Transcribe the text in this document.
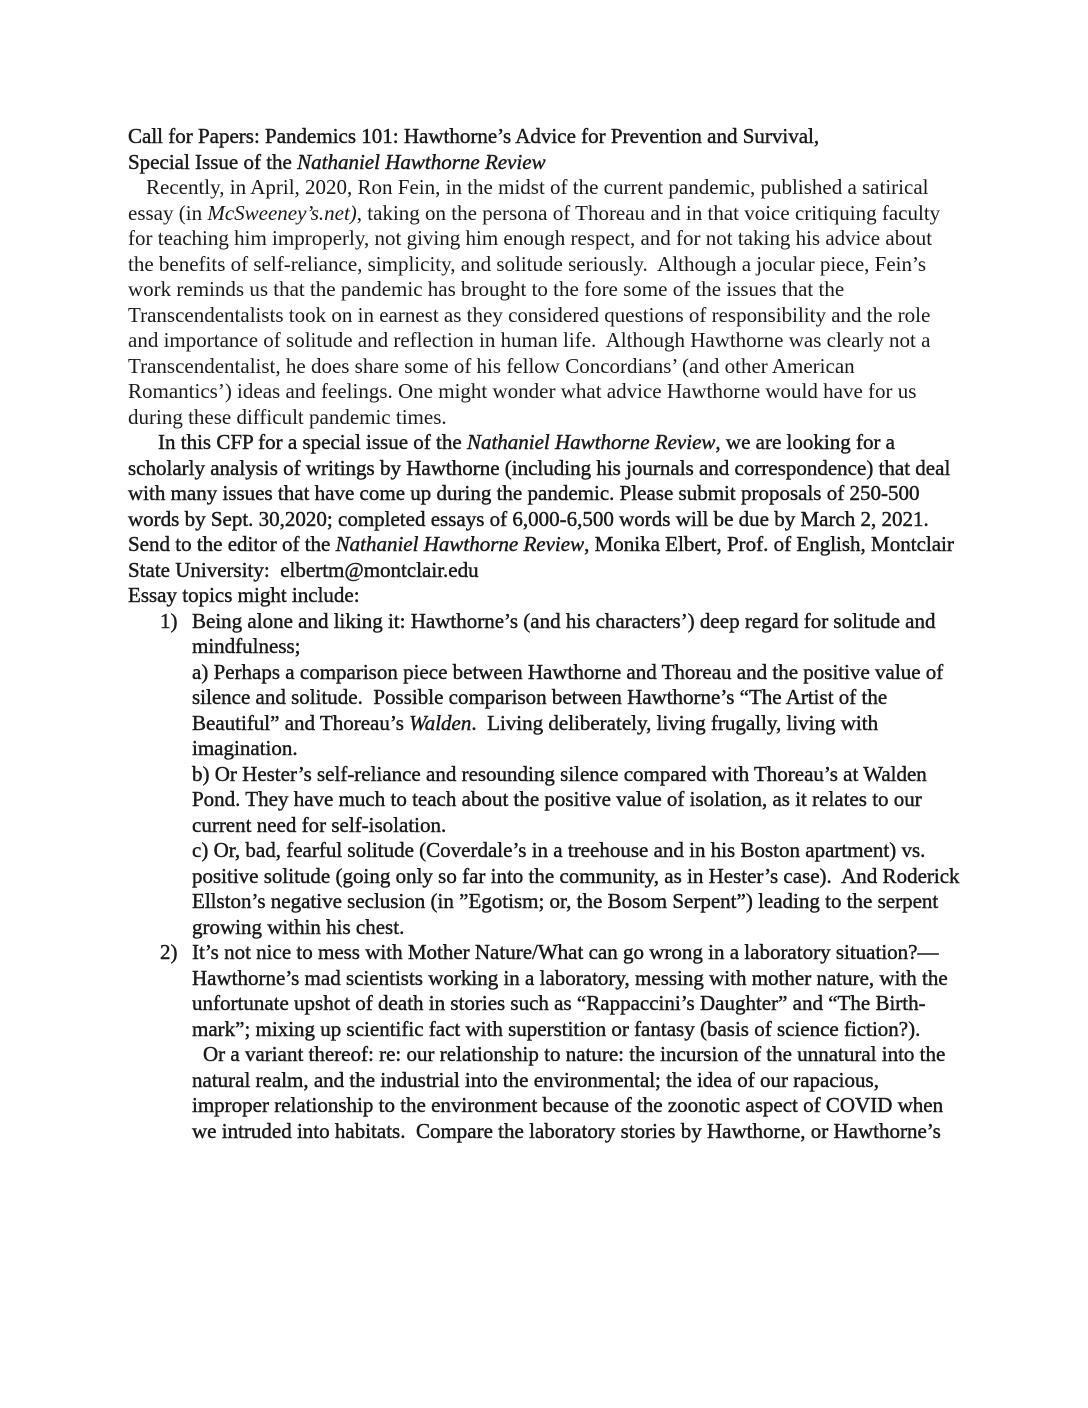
Call for Papers: Pandemics 101: Hawthorne’s Advice for Prevention and Survival,

Special Issue of the Nathaniel Hawthorne Review

Recently, in April, 2020, Ron Fein, in the midst of the current pandemic, published a satirical essay (in McSweeney’s.net), taking on the persona of Thoreau and in that voice critiquing faculty for teaching him improperly, not giving him enough respect, and for not taking his advice about the benefits of self-reliance, simplicity, and solitude seriously.  Although a jocular piece, Fein’s work reminds us that the pandemic has brought to the fore some of the issues that the Transcendentalists took on in earnest as they considered questions of responsibility and the role and importance of solitude and reflection in human life.  Although Hawthorne was clearly not a Transcendentalist, he does share some of his fellow Concordians’ (and other American Romantics’) ideas and feelings. One might wonder what advice Hawthorne would have for us during these difficult pandemic times.

In this CFP for a special issue of the Nathaniel Hawthorne Review, we are looking for a scholarly analysis of writings by Hawthorne (including his journals and correspondence) that deal with many issues that have come up during the pandemic. Please submit proposals of 250-500 words by Sept. 30,2020; completed essays of 6,000-6,500 words will be due by March 2, 2021.  Send to the editor of the Nathaniel Hawthorne Review, Monika Elbert, Prof. of English, Montclair State University:  elbertm@montclair.edu

Essay topics might include:

1) Being alone and liking it: Hawthorne’s (and his characters’) deep regard for solitude and mindfulness;

a) Perhaps a comparison piece between Hawthorne and Thoreau and the positive value of silence and solitude.  Possible comparison between Hawthorne’s “The Artist of the Beautiful” and Thoreau’s Walden.  Living deliberately, living frugally, living with imagination.

b) Or Hester’s self-reliance and resounding silence compared with Thoreau’s at Walden Pond. They have much to teach about the positive value of isolation, as it relates to our current need for self-isolation.

c) Or, bad, fearful solitude (Coverdale’s in a treehouse and in his Boston apartment) vs. positive solitude (going only so far into the community, as in Hester’s case).  And Roderick Ellston’s negative seclusion (in ”Egotism; or, the Bosom Serpent”) leading to the serpent growing within his chest.

2) It’s not nice to mess with Mother Nature/What can go wrong in a laboratory situation?—Hawthorne’s mad scientists working in a laboratory, messing with mother nature, with the unfortunate upshot of death in stories such as “Rappaccini’s Daughter” and “The Birth-mark”; mixing up scientific fact with superstition or fantasy (basis of science fiction?).

Or a variant thereof: re: our relationship to nature: the incursion of the unnatural into the natural realm, and the industrial into the environmental; the idea of our rapacious, improper relationship to the environment because of the zoonotic aspect of COVID when we intruded into habitats.  Compare the laboratory stories by Hawthorne, or Hawthorne’s
